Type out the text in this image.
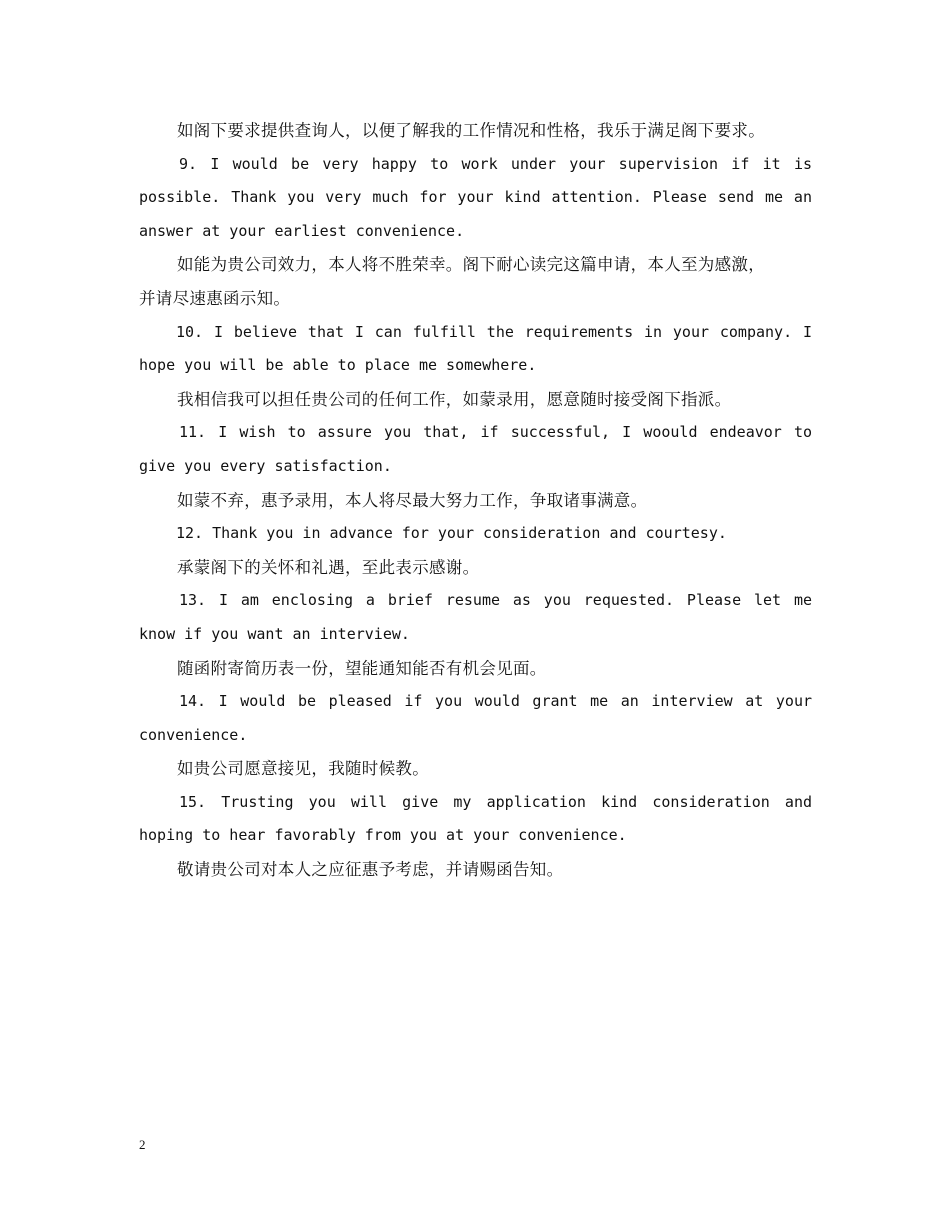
如阁下要求提供查询人，以便了解我的工作情况和性格，我乐于满足阁下要求。
9. I would be very happy to work under your supervision if it is
possible. Thank you very much for your kind attention. Please send me an
answer at your earliest convenience.
如能为贵公司效力，本人将不胜荣幸。阁下耐心读完这篇申请，本人至为感激，
并请尽速惠函示知。
10. I believe that I can fulfill the requirements in your company. I
hope you will be able to place me somewhere.
我相信我可以担任贵公司的任何工作，如蒙录用，愿意随时接受阁下指派。
11. I wish to assure you that, if successful, I woould endeavor to
give you every satisfaction.
如蒙不弃，惠予录用，本人将尽最大努力工作，争取诸事满意。
12. Thank you in advance for your consideration and courtesy.
承蒙阁下的关怀和礼遇，至此表示感谢。
13. I am enclosing a brief resume as you requested. Please let me
know if you want an interview.
随函附寄简历表一份，望能通知能否有机会见面。
14. I would be pleased if you would grant me an interview at your
convenience.
如贵公司愿意接见，我随时候教。
15. Trusting you will give my application kind consideration and
hoping to hear favorably from you at your convenience.
敬请贵公司对本人之应征惠予考虑，并请赐函告知。
2
